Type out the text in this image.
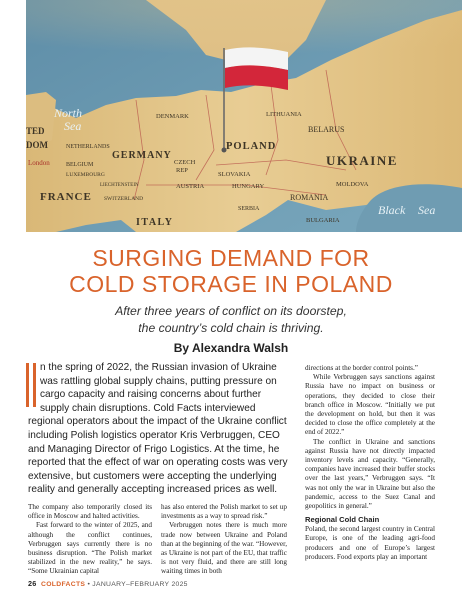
North
Sea
TED
DOM
London
DENMARK	LITHUANIA
BELARUS
POLAND
NETHERLANDS
GERMANY
BELGIUM
LUXEMBOURG
CZECH
REP
SLOVAKIA
UKRAINE
LIECHTENSTEIN	AUSTRIA	HUNGARY	MOLDOVA
FRANCE SWITZERLAND	ROMANIA
SERBIA
BULGARIA
ITALY
Black Sea
SURGING DEMAND FOR
COLD STORAGE IN POLAND
After three years of conflict on its doorstep,
the country’s cold chain is thriving.
By Alexandra Walsh
n the spring of 2022, the Russian invasion of Ukraine was rattling global supply chains, putting pressure on cargo capacity and raising concerns about further supply chain disruptions. Cold Facts interviewed regional operators about the impact of the Ukraine conflict including Polish logistics operator Kris Verbruggen, CEO and Managing Director of Frigo Logistics. At the time, he reported that the effect of war on operating costs was very extensive, but customers were accepting the underlying reality and generally accepting increased prices as well.

The company also temporarily closed its office in Moscow and halted activities.

Fast forward to the winter of 2025, and although the conflict continues, Verbruggen says currently there is no business disruption. “The Polish market stabilized in the new reality,” he says. “Some Ukrainian capital

has also entered the Polish market to set up investments as a way to spread risk.”

Verbruggen notes there is much more trade now between Ukraine and Poland than at the beginning of the war. “However, as Ukraine is not part of the EU, that traffic is not very fluid, and there are still long waiting times in both

directions at the border control points.”

While Verbruggen says sanctions against Russia have no impact on business or operations, they decided to close their branch office in Moscow. “Initially we put the development on hold, but then it was decided to close the office completely at the end of 2022.”

The conflict in Ukraine and sanctions against Russia have not directly impacted inventory levels and capacity. “Generally, companies have increased their buffer stocks over the last years,” Verbruggen says. “It was not only the war in Ukraine but also the pandemic, access to the Suez Canal and geopolitics in general.”

Regional Cold Chain

Poland, the second largest country in Central Europe, is one of the leading agri-food producers and one of Europe’s largest producers. Food exports play an important

26 COLDFACTS • JANUARY–FEBRUARY 2025
